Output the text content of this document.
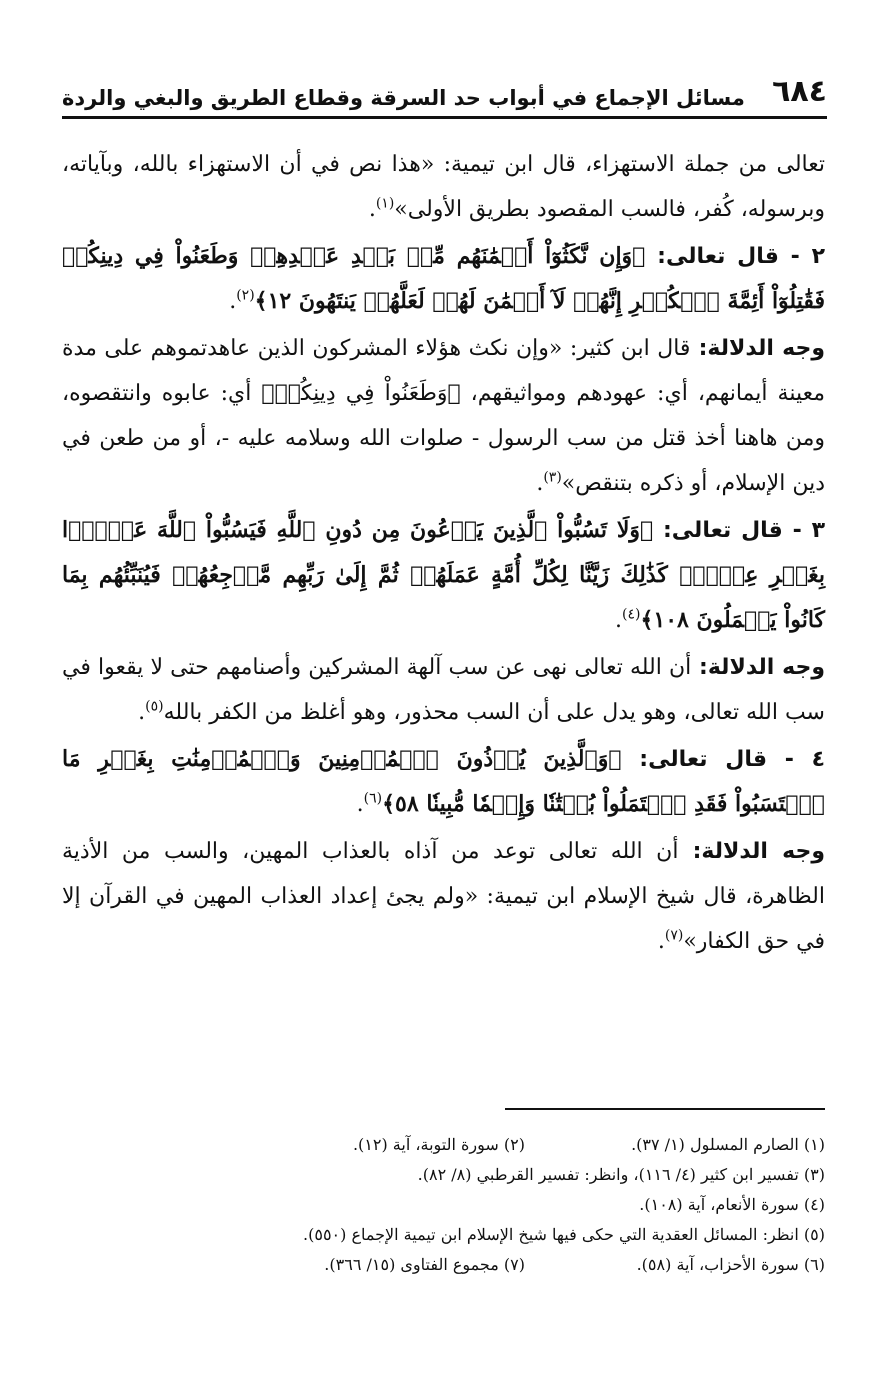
٦٨٤
مسائل الإجماع في أبواب حد السرقة وقطاع الطريق والبغي والردة

تعالى من جملة الاستهزاء، قال ابن تيمية: «هذا نص في أن الاستهزاء بالله، وبآياته، وبرسوله، كُفر، فالسب المقصود بطريق الأولى»$^{(١)}$.

٢ - قال تعالى: ﴿وَإِن نَّكَثُوٓاْ أَيۡمَٰنَهُم مِّنۢ بَعۡدِ عَهۡدِهِمۡ وَطَعَنُواْ فِي دِينِكُمۡ فَقَٰتِلُوٓاْ أَئِمَّةَ ٱلۡكُفۡرِ إِنَّهُمۡ لَآ أَيۡمَٰنَ لَهُمۡ لَعَلَّهُمۡ يَنتَهُونَ ١٢﴾$^{(٢)}$.

وجه الدلالة: قال ابن كثير: «وإن نكث هؤلاء المشركون الذين عاهدتموهم على مدة معينة أيمانهم، أي: عهودهم ومواثيقهم، ﴿وَطَعَنُواْ فِي دِينِكُمۡ﴾ أي: عابوه وانتقصوه، ومن هاهنا أخذ قتل من سب الرسول - صلوات الله وسلامه عليه -، أو من طعن في دين الإسلام، أو ذكره بتنقص»$^{(٣)}$.

٣ - قال تعالى: ﴿وَلَا تَسُبُّواْ ٱلَّذِينَ يَدۡعُونَ مِن دُونِ ٱللَّهِ فَيَسُبُّواْ ٱللَّهَ عَدۡوَۢا بِغَيۡرِ عِلۡمٖۗ كَذَٰلِكَ زَيَّنَّا لِكُلِّ أُمَّةٍ عَمَلَهُمۡ ثُمَّ إِلَىٰ رَبِّهِم مَّرۡجِعُهُمۡ فَيُنَبِّئُهُم بِمَا كَانُواْ يَعۡمَلُونَ ١٠٨﴾$^{(٤)}$.

وجه الدلالة: أن الله تعالى نهى عن سب آلهة المشركين وأصنامهم حتى لا يقعوا في سب الله تعالى، وهو يدل على أن السب محذور، وهو أغلظ من الكفر بالله$^{(٥)}$.

٤ - قال تعالى: ﴿وَٱلَّذِينَ يُؤۡذُونَ ٱلۡمُؤۡمِنِينَ وَٱلۡمُؤۡمِنَٰتِ بِغَيۡرِ مَا ٱكۡتَسَبُواْ فَقَدِ ٱحۡتَمَلُواْ بُهۡتَٰنٗا وَإِثۡمٗا مُّبِينٗا ٥٨﴾$^{(٦)}$.

وجه الدلالة: أن الله تعالى توعد من آذاه بالعذاب المهين، والسب من الأذية الظاهرة، قال شيخ الإسلام ابن تيمية: «ولم يجئ إعداد العذاب المهين في القرآن إلا في حق الكفار»$^{(٧)}$.

(١) الصارم المسلول (١/ ٣٧).
(٢) سورة التوبة، آية (١٢).
(٣) تفسير ابن كثير (٤/ ١١٦)، وانظر: تفسير القرطبي (٨/ ٨٢).
(٤) سورة الأنعام، آية (١٠٨).
(٥) انظر: المسائل العقدية التي حكى فيها شيخ الإسلام ابن تيمية الإجماع (٥٥٠).
(٦) سورة الأحزاب، آية (٥٨).
(٧) مجموع الفتاوى (١٥/ ٣٦٦).
